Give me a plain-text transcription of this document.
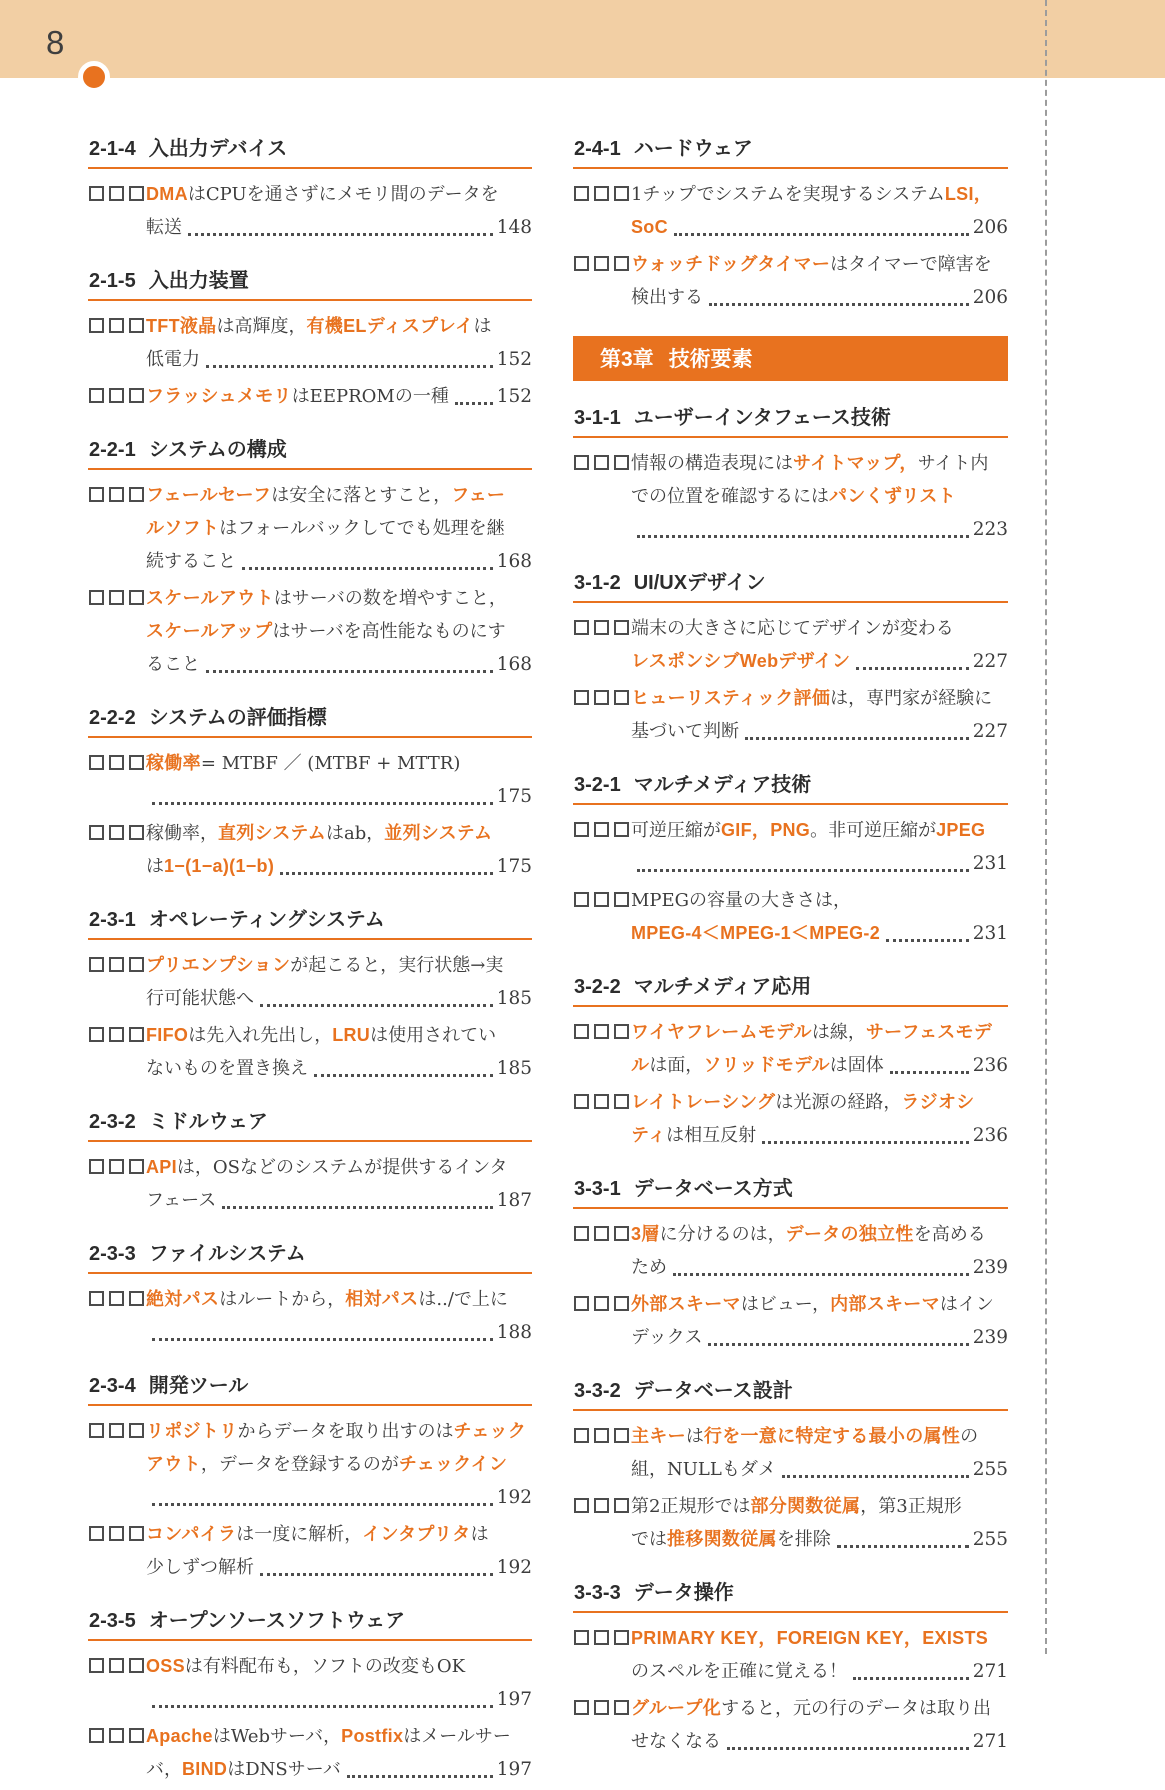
8
2-1-4 入出力デバイス
DMAはCPUを通さずにメモリ間のデータを
転送	148
2-1-5 入出力装置
TFT液晶は高輝度，有機ELディスプレイは
低電力	152
フラッシュメモリはEEPROMの一種	152
2-2-1 システムの構成
フェールセーフは安全に落とすこと，フェー
ルソフトはフォールバックしてでも処理を継
続すること	168
スケールアウトはサーバの数を増やすこと，
スケールアップはサーバを高性能なものにす
ること	168
2-2-2 システムの評価指標
稼働率= MTBF ／ (MTBF + MTTR)
175
稼働率，直列システムはab，並列システム
は1−(1−a)(1−b)	175
2-3-1 オペレーティングシステム
プリエンプションが起こると，実行状態→実
行可能状態へ	185
FIFOは先入れ先出し，LRUは使用されてい
ないものを置き換え	185
2-3-2 ミドルウェア
APIは，OSなどのシステムが提供するインタ
フェース	187
2-3-3 ファイルシステム
絶対パスはルートから，相対パスは../で上に
188
2-3-4 開発ツール
リポジトリからデータを取り出すのはチェック
アウト，データを登録するのがチェックイン
192
コンパイラは一度に解析，インタプリタは
少しずつ解析	192
2-3-5 オープンソースソフトウェア
OSSは有料配布も，ソフトの改変もOK
197
ApacheはWebサーバ，Postfixはメールサー
バ，BINDはDNSサーバ	197
2-4-1 ハードウェア
1チップでシステムを実現するシステムLSI，
SoC	206
ウォッチドッグタイマーはタイマーで障害を
検出する	206
第3章 技術要素
3-1-1 ユーザーインタフェース技術
情報の構造表現にはサイトマップ，サイト内
での位置を確認するにはパンくずリスト
223
3-1-2 UI/UXデザイン
端末の大きさに応じてデザインが変わる
レスポンシブWebデザイン	227
ヒューリスティック評価は，専門家が経験に
基づいて判断	227
3-2-1 マルチメディア技術
可逆圧縮がGIF，PNG。非可逆圧縮がJPEG
231
MPEGの容量の大きさは，
MPEG-4＜MPEG-1＜MPEG-2	231
3-2-2 マルチメディア応用
ワイヤフレームモデルは線，サーフェスモデ
ルは面，ソリッドモデルは固体	236
レイトレーシングは光源の経路，ラジオシ
ティは相互反射	236
3-3-1 データベース方式
3層に分けるのは，データの独立性を高める
ため	239
外部スキーマはビュー，内部スキーマはイン
デックス	239
3-3-2 データベース設計
主キーは行を一意に特定する最小の属性の
組，NULLもダメ	255
第2正規形では部分関数従属，第3正規形
では推移関数従属を排除	255
3-3-3 データ操作
PRIMARY KEY，FOREIGN KEY，EXISTS
のスペルを正確に覚える！	271
グループ化すると，元の行のデータは取り出
せなくなる	271
